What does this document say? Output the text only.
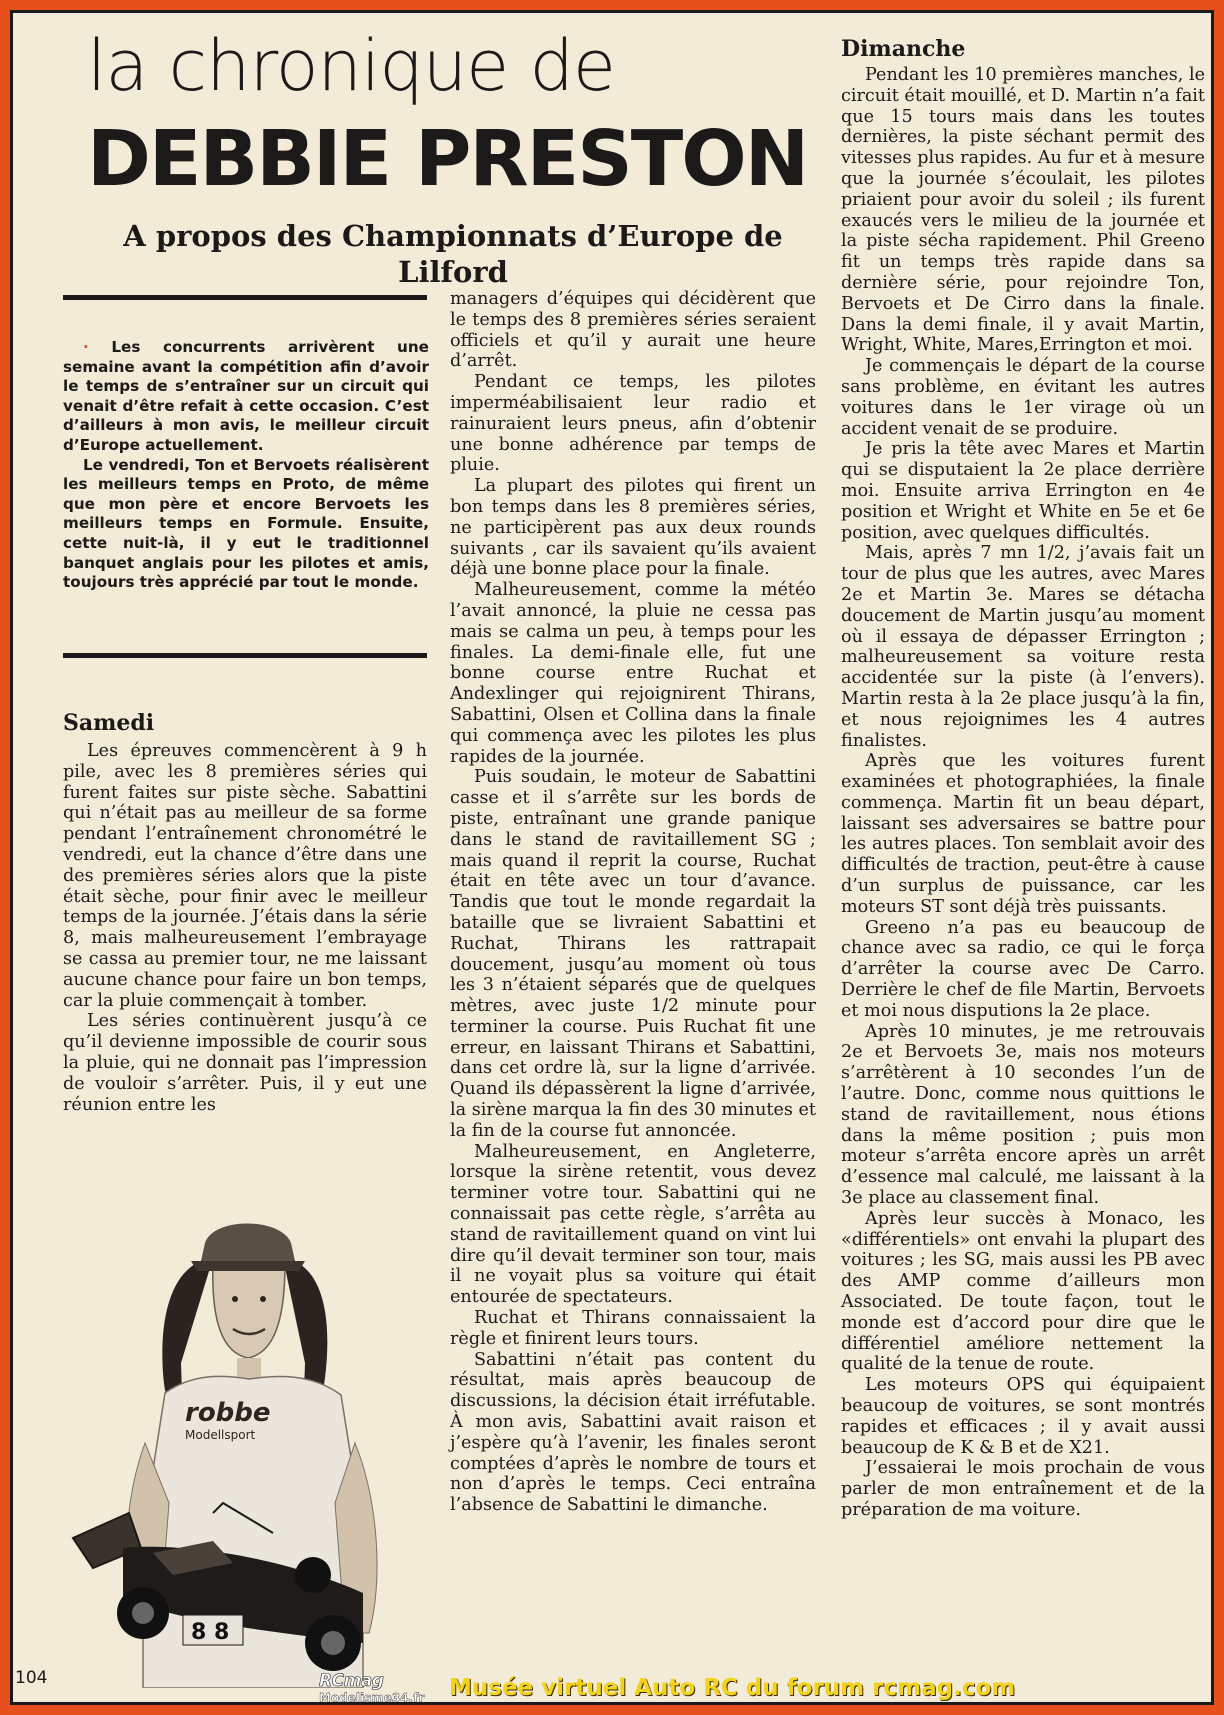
la chronique de
DEBBIE PRESTON
A propos des Championnats d’Europe de Lilford

· Les concurrents arrivèrent une semaine avant la compétition afin d’avoir le temps de s’entraîner sur un circuit qui venait d’être refait à cette occasion. C’est d’ailleurs à mon avis, le meilleur circuit d’Europe actuellement.

Le vendredi, Ton et Bervoets réalisèrent les meilleurs temps en Proto, de même que mon père et encore Bervoets les meilleurs temps en Formule. Ensuite, cette nuit-là, il y eut le traditionnel banquet anglais pour les pilotes et amis, toujours très apprécié par tout le monde.

Samedi

Les épreuves commencèrent à 9 h pile, avec les 8 premières séries qui furent faites sur piste sèche. Sabattini qui n’était pas au meilleur de sa forme pendant l’entraînement chronométré le vendredi, eut la chance d’être dans une des premières séries alors que la piste était sèche, pour finir avec le meilleur temps de la journée. J’étais dans la série 8, mais malheureusement l’embrayage se cassa au premier tour, ne me laissant aucune chance pour faire un bon temps, car la pluie commençait à tomber.

Les séries continuèrent jusqu’à ce qu’il devienne impossible de courir sous la pluie, qui ne donnait pas l’impression de vouloir s’arrêter. Puis, il y eut une réunion entre les

managers d’équipes qui décidèrent que le temps des 8 premières séries seraient officiels et qu’il y aurait une heure d’arrêt.

Pendant ce temps, les pilotes imperméabilisaient leur radio et rainuraient leurs pneus, afin d’obtenir une bonne adhérence par temps de pluie.

La plupart des pilotes qui firent un bon temps dans les 8 premières séries, ne participèrent pas aux deux rounds suivants , car ils savaient qu’ils avaient déjà une bonne place pour la finale.

Malheureusement, comme la météo l’avait annoncé, la pluie ne cessa pas mais se calma un peu, à temps pour les finales. La demi-finale elle, fut une bonne course entre Ruchat et Andexlinger qui rejoignirent Thirans, Sabattini, Olsen et Collina dans la finale qui commença avec les pilotes les plus rapides de la journée.

Puis soudain, le moteur de Sabattini casse et il s’arrête sur les bords de piste, entraînant une grande panique dans le stand de ravitaillement SG ; mais quand il reprit la course, Ruchat était en tête avec un tour d’avance. Tandis que tout le monde regardait la bataille que se livraient Sabattini et Ruchat, Thirans les rattrapait doucement, jusqu’au moment où tous les 3 n’étaient séparés que de quelques mètres, avec juste 1/2 minute pour terminer la course. Puis Ruchat fit une erreur, en laissant Thirans et Sabattini, dans cet ordre là, sur la ligne d’arrivée. Quand ils dépassèrent la ligne d’arrivée, la sirène marqua la fin des 30 minutes et la fin de la course fut annoncée.

Malheureusement, en Angleterre, lorsque la sirène retentit, vous devez terminer votre tour. Sabattini qui ne connaissait pas cette règle, s’arrêta au stand de ravitaillement quand on vint lui dire qu’il devait terminer son tour, mais il ne voyait plus sa voiture qui était entourée de spectateurs.

Ruchat et Thirans connaissaient la règle et finirent leurs tours.

Sabattini n’était pas content du résultat, mais après beaucoup de discussions, la décision était irréfutable. À mon avis, Sabattini avait raison et j’espère qu’à l’avenir, les finales seront comptées d’après le nombre de tours et non d’après le temps. Ceci entraîna l’absence de Sabattini le dimanche.

Dimanche

Pendant les 10 premières manches, le circuit était mouillé, et D. Martin n’a fait que 15 tours mais dans les toutes dernières, la piste séchant permit des vitesses plus rapides. Au fur et à mesure que la journée s’écoulait, les pilotes priaient pour avoir du soleil ; ils furent exaucés vers le milieu de la journée et la piste sécha rapidement. Phil Greeno fit un temps très rapide dans sa dernière série, pour rejoindre Ton, Bervoets et De Cirro dans la finale. Dans la demi finale, il y avait Martin, Wright, White, Mares,Errington et moi.

Je commençais le départ de la course sans problème, en évitant les autres voitures dans le 1er virage où un accident venait de se produire.

Je pris la tête avec Mares et Martin qui se disputaient la 2e place derrière moi. Ensuite arriva Errington en 4e position et Wright et White en 5e et 6e position, avec quelques difficultés.

Mais, après 7 mn 1/2, j’avais fait un tour de plus que les autres, avec Mares 2e et Martin 3e. Mares se détacha doucement de Martin jusqu’au moment où il essaya de dépasser Errington ; malheureusement sa voiture resta accidentée sur la piste (à l’envers). Martin resta à la 2e place jusqu’à la fin, et nous rejoignimes les 4 autres finalistes.

Après que les voitures furent examinées et photographiées, la finale commença. Martin fit un beau départ, laissant ses adversaires se battre pour les autres places. Ton semblait avoir des difficultés de traction, peut-être à cause d’un surplus de puissance, car les moteurs ST sont déjà très puissants.

Greeno n’a pas eu beaucoup de chance avec sa radio, ce qui le força d’arrêter la course avec De Carro. Derrière le chef de file Martin, Bervoets et moi nous disputions la 2e place.

Après 10 minutes, je me retrouvais 2e et Bervoets 3e, mais nos moteurs s’arrêtèrent à 10 secondes l’un de l’autre. Donc, comme nous quittions le stand de ravitaillement, nous étions dans la même position ; puis mon moteur s’arrêta encore après un arrêt d’essence mal calculé, me laissant à la 3e place au classement final.

Après leur succès à Monaco, les «différentiels» ont envahi la plupart des voitures ; les SG, mais aussi les PB avec des AMP comme d’ailleurs mon Associated. De toute façon, tout le monde est d’accord pour dire que le différentiel améliore nettement la qualité de la tenue de route.

Les moteurs OPS qui équipaient beaucoup de voitures, se sont montrés rapides et efficaces ; il y avait aussi beaucoup de K & B et de X21.

J’essaierai le mois prochain de vous parler de mon entraînement et de la préparation de ma voiture.

robbe
Modellsport
8 8
104	RCmag
Modelisme34.fr	Musée virtuel Auto RC du forum rcmag.com
